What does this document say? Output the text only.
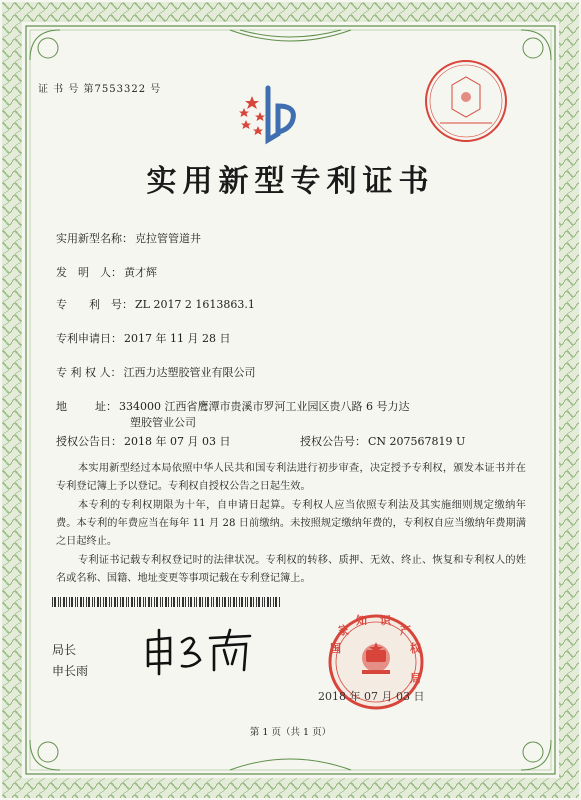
证 书 号 第7553322 号
实用新型专利证书
实用新型名称： 克拉管管道井
发　明　人： 黄才辉
专　　利　号： ZL 2017 2 1613863.1
专利申请日： 2017 年 11 月 28 日
专 利 权 人： 江西力达塑胶管业有限公司
地	址： 334000 江西省鹰潭市贵溪市罗河工业园区贵八路 6 号力达
塑胶管业公司
授权公告日： 2018 年 07 月 03 日	授权公告号： CN 207567819 U
本实用新型经过本局依照中华人民共和国专利法进行初步审查，决定授予专利权，颁发本证书并在专利登记簿上予以登记。专利权自授权公告之日起生效。
本专利的专利权期限为十年，自申请日起算。专利权人应当依照专利法及其实施细则规定缴纳年费。本专利的年费应当在每年 11 月 28 日前缴纳。未按照规定缴纳年费的，专利权自应当缴纳年费期满之日起终止。
专利证书记载专利权登记时的法律状况。专利权的转移、质押、无效、终止、恢复和专利权人的姓名或名称、国籍、地址变更等事项记载在专利登记簿上。
局长
申长雨
国
家
知 识
产
权
局
2018 年 07 月 03 日
第 1 页（共 1 页）
